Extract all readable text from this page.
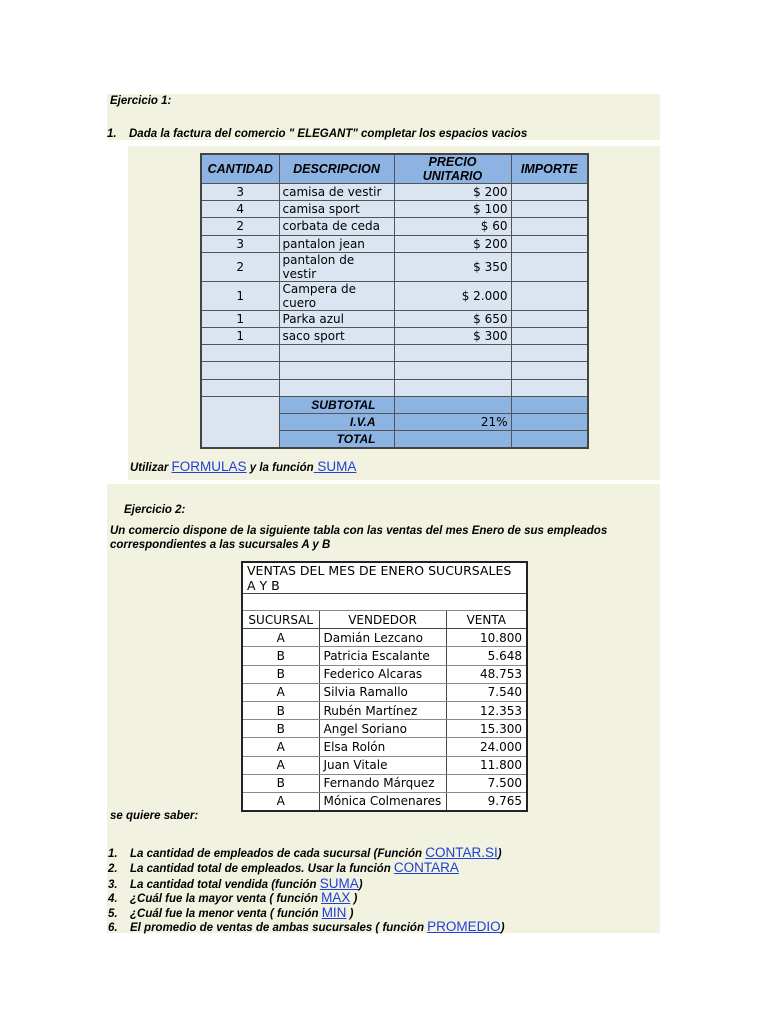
Ejercicio 1:
1. Dada la factura del comercio " ELEGANT" completar los espacios vacios
CANTIDAD	DESCRIPCION	PRECIO UNITARIO	IMPORTE
3	camisa de vestir	$ 200	
4	camisa sport	$ 100	
2	corbata de ceda	$ 60	
3	pantalon jean	$ 200	
2	pantalon de vestir	$ 350	
1	Campera de cuero	$ 2.000	
1	Parka azul	$ 650	
1	saco sport	$ 300	

	SUBTOTAL		
	I.V.A	21%	
	TOTAL		
Utilizar FORMULAS y la función SUMA
Ejercicio 2:
Un comercio dispone de la siguiente tabla con las ventas del mes Enero de sus empleados
correspondientes a las sucursales A y B
VENTAS DEL MES DE ENERO SUCURSALES A Y B		

SUCURSAL	VENDEDOR	VENTA
A	Damián Lezcano	10.800
B	Patricia Escalante	5.648
B	Federico Alcaras	48.753
A	Silvia Ramallo	7.540
B	Rubén Martínez	12.353
B	Angel Soriano	15.300
A	Elsa Rolón	24.000
A	Juan Vitale	11.800
B	Fernando Márquez	7.500
A	Mónica Colmenares	9.765
se quiere saber:
1. La cantidad de empleados de cada sucursal (Función CONTAR.SI)
2. La cantidad total de empleados. Usar la función CONTARA
3. La cantidad total vendida (función SUMA)
4. ¿Cuál fue la mayor venta ( función MAX )
5. ¿Cuál fue la menor venta ( función MIN )
6. El promedio de ventas de ambas sucursales ( función PROMEDIO)
